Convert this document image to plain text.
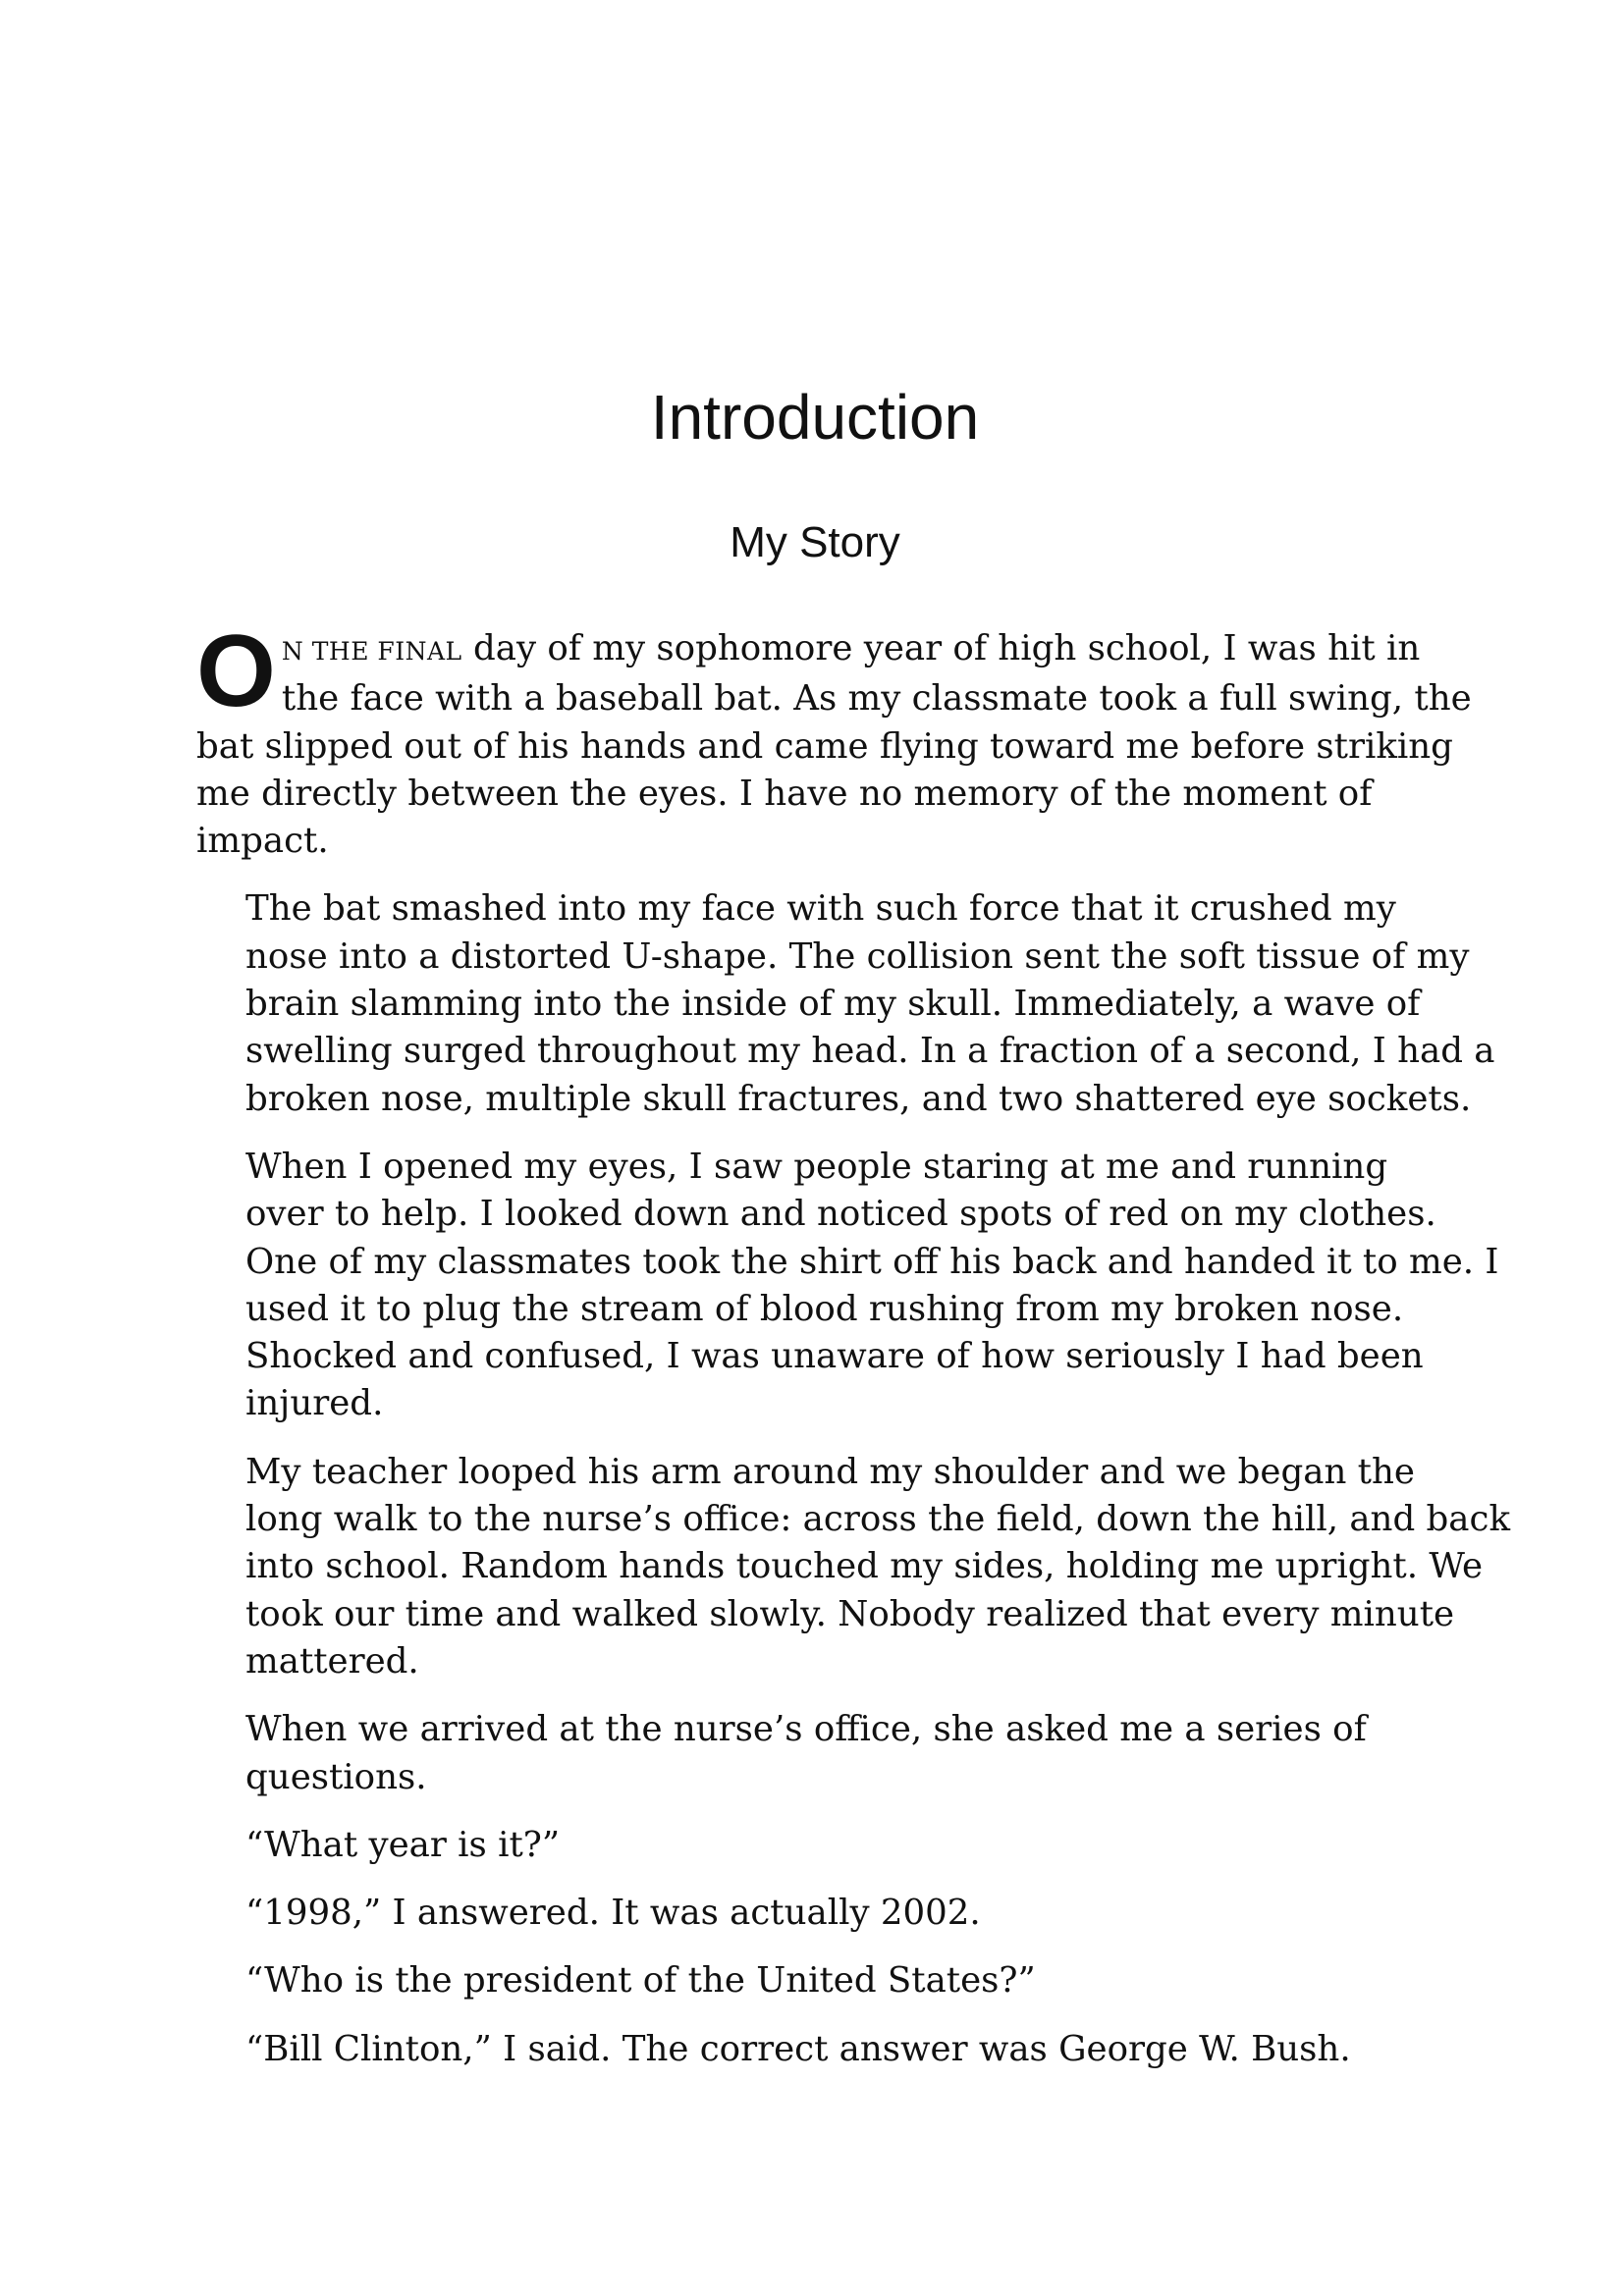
Introduction
My Story

O N THE FINAL day of my sophomore year of high school, I was hit in
the face with a baseball bat. As my classmate took a full swing, the
bat slipped out of his hands and came flying toward me before striking
me directly between the eyes. I have no memory of the moment of
impact.

The bat smashed into my face with such force that it crushed my
nose into a distorted U-shape. The collision sent the soft tissue of my
brain slamming into the inside of my skull. Immediately, a wave of
swelling surged throughout my head. In a fraction of a second, I had a
broken nose, multiple skull fractures, and two shattered eye sockets.

When I opened my eyes, I saw people staring at me and running
over to help. I looked down and noticed spots of red on my clothes.
One of my classmates took the shirt off his back and handed it to me. I
used it to plug the stream of blood rushing from my broken nose.
Shocked and confused, I was unaware of how seriously I had been
injured.

My teacher looped his arm around my shoulder and we began the
long walk to the nurse’s office: across the field, down the hill, and back
into school. Random hands touched my sides, holding me upright. We
took our time and walked slowly. Nobody realized that every minute
mattered.

When we arrived at the nurse’s office, she asked me a series of
questions.

“What year is it?”

“1998,” I answered. It was actually 2002.

“Who is the president of the United States?”

“Bill Clinton,” I said. The correct answer was George W. Bush.
